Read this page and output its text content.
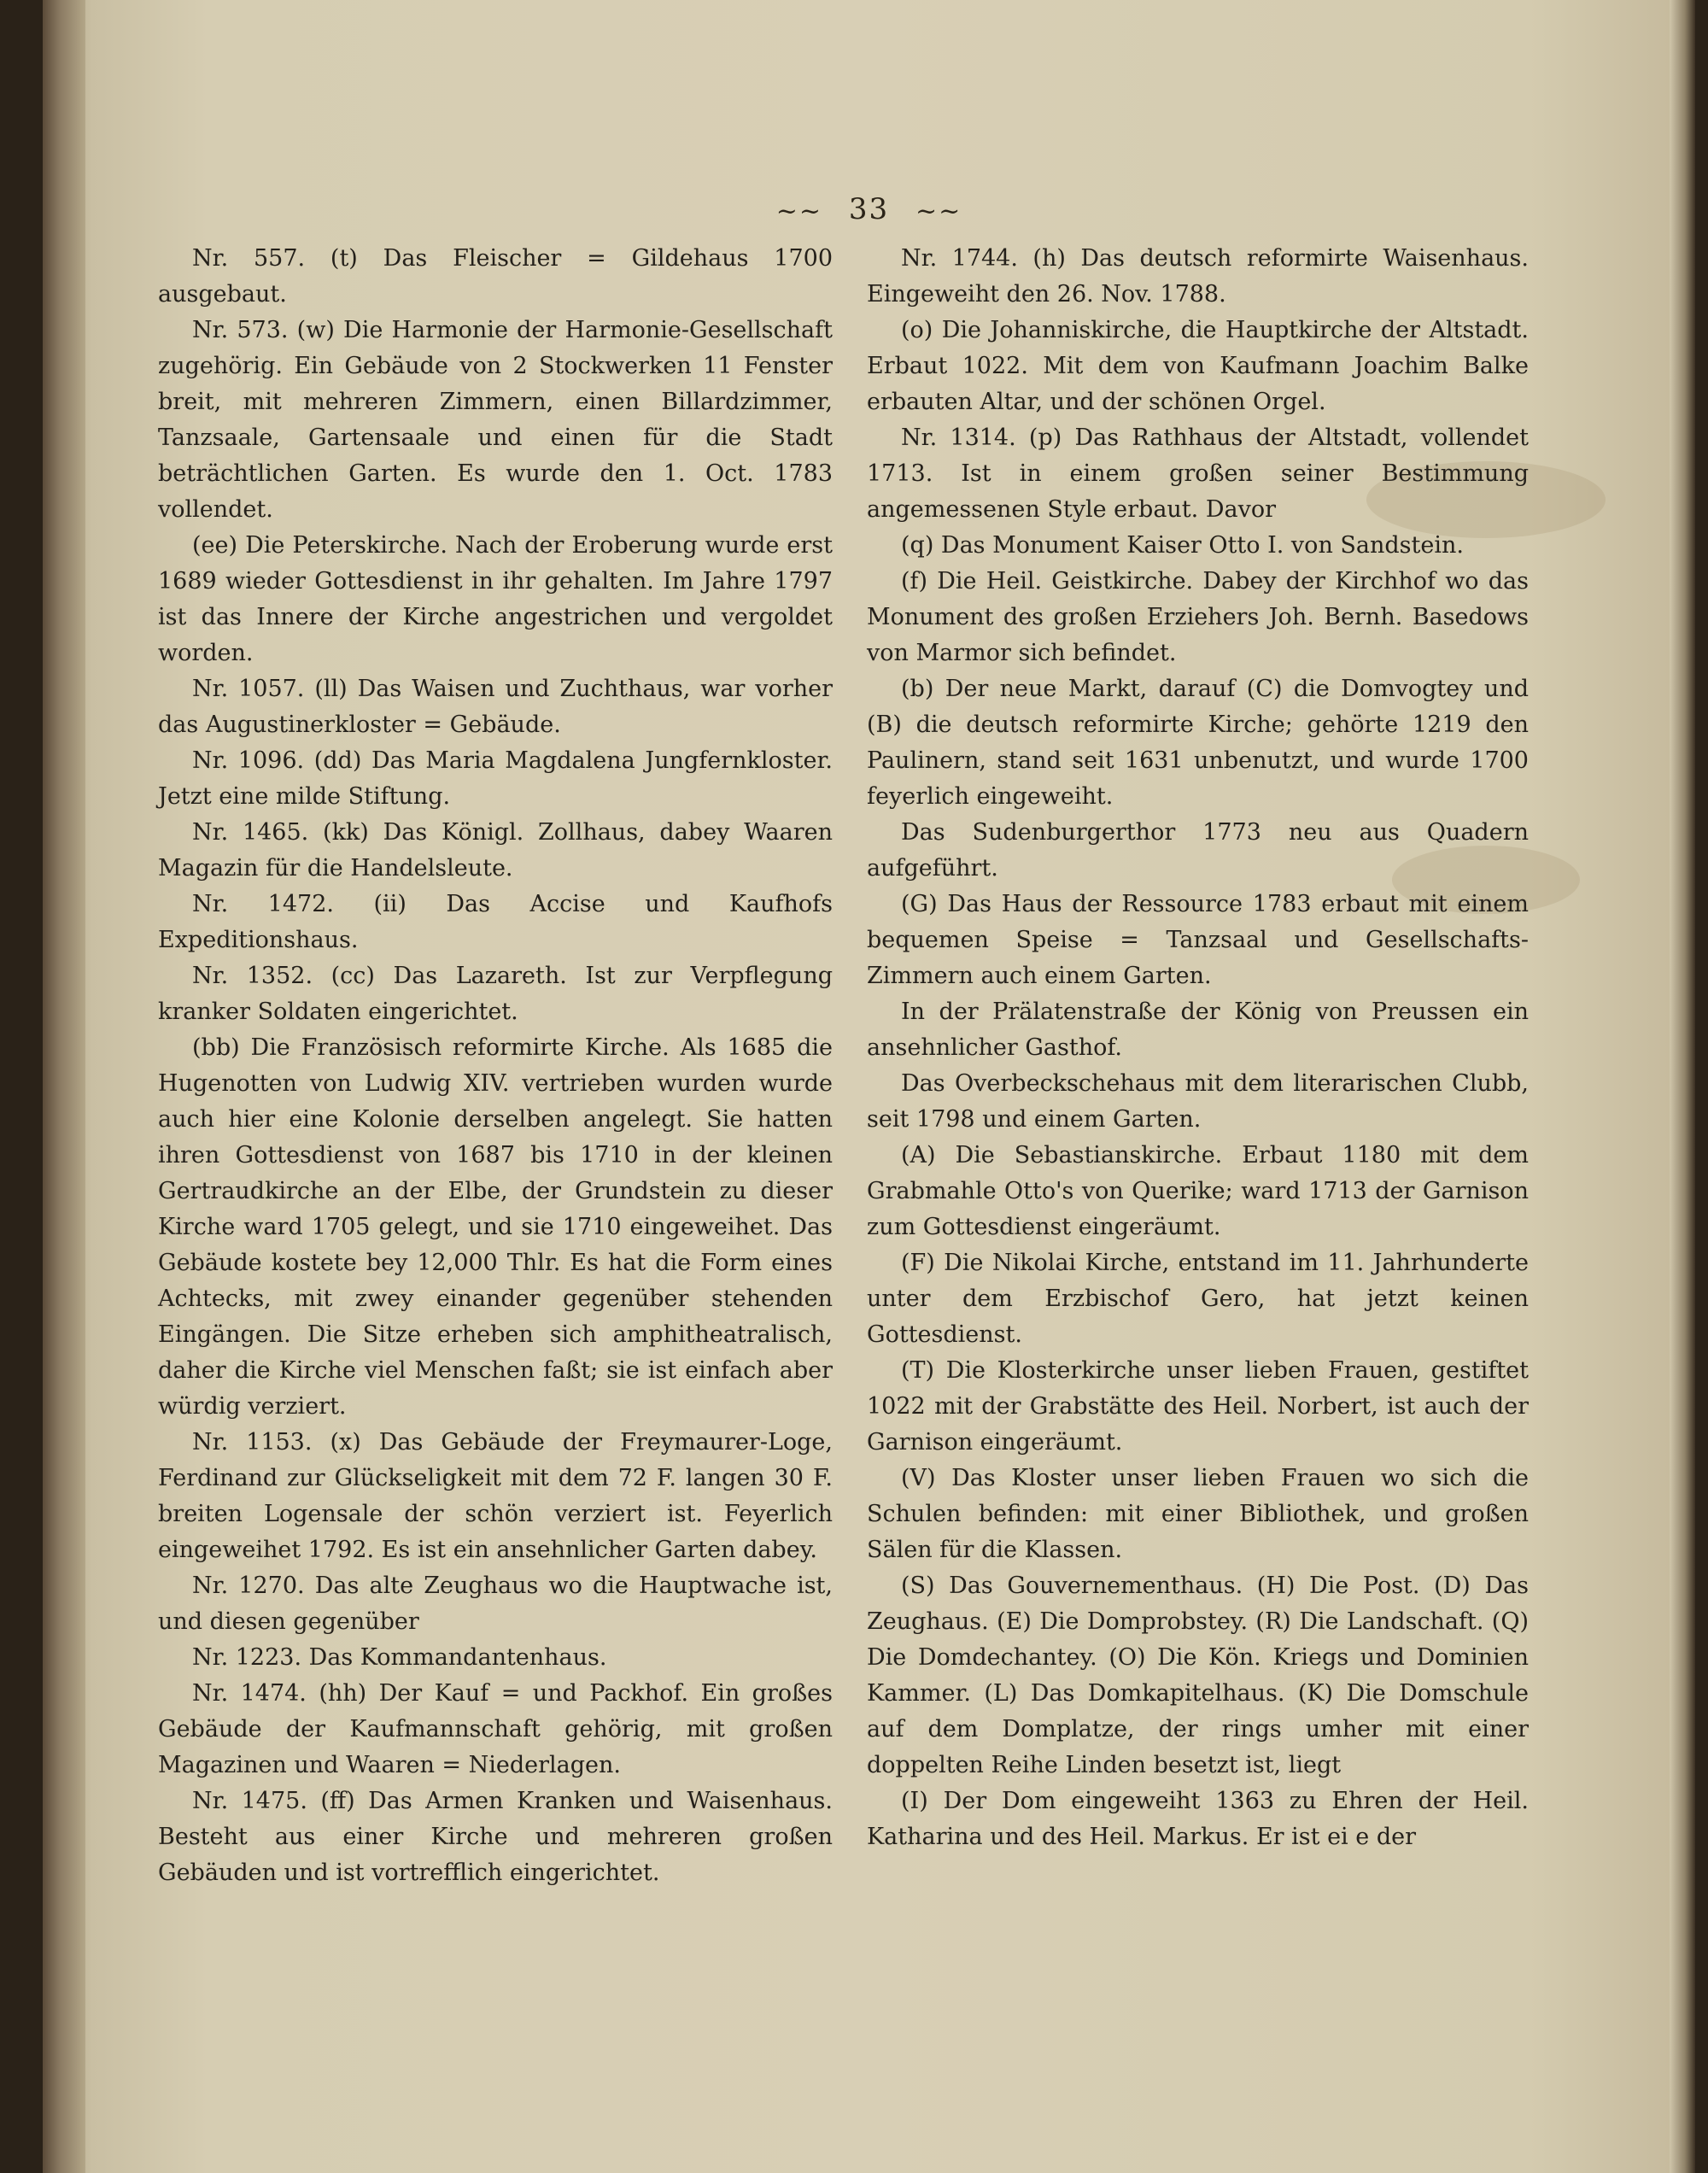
~~ 33 ~~

Nr. 557. (t) Das Fleischer = Gildehaus 1700 ausgebaut.

Nr. 573. (w) Die Harmonie der Harmonie-Gesellschaft zugehörig. Ein Gebäude von 2 Stockwerken 11 Fenster breit, mit mehreren Zimmern, einen Billardzimmer, Tanzsaale, Gartensaale und einen für die Stadt beträchtlichen Garten. Es wurde den 1. Oct. 1783 vollendet.

(ee) Die Peterskirche. Nach der Eroberung wurde erst 1689 wieder Gottesdienst in ihr gehalten. Im Jahre 1797 ist das Innere der Kirche angestrichen und vergoldet worden.

Nr. 1057. (ll) Das Waisen und Zuchthaus, war vorher das Augustinerkloster = Gebäude.

Nr. 1096. (dd) Das Maria Magdalena Jungfernkloster. Jetzt eine milde Stiftung.

Nr. 1465. (kk) Das Königl. Zollhaus, dabey Waaren Magazin für die Handelsleute.

Nr. 1472. (ii) Das Accise und Kaufhofs Expeditionshaus.

Nr. 1352. (cc) Das Lazareth. Ist zur Verpflegung kranker Soldaten eingerichtet.

(bb) Die Französisch reformirte Kirche. Als 1685 die Hugenotten von Ludwig XIV. vertrieben wurden wurde auch hier eine Kolonie derselben angelegt. Sie hatten ihren Gottesdienst von 1687 bis 1710 in der kleinen Gertraudkirche an der Elbe, der Grundstein zu dieser Kirche ward 1705 gelegt, und sie 1710 eingeweihet. Das Gebäude kostete bey 12,000 Thlr. Es hat die Form eines Achtecks, mit zwey einander gegenüber stehenden Eingängen. Die Sitze erheben sich amphitheatralisch, daher die Kirche viel Menschen faßt; sie ist einfach aber würdig verziert.

Nr. 1153. (x) Das Gebäude der Freymaurer-Loge, Ferdinand zur Glückseligkeit mit dem 72 F. langen 30 F. breiten Logensale der schön verziert ist. Feyerlich eingeweihet 1792. Es ist ein ansehnlicher Garten dabey.

Nr. 1270. Das alte Zeughaus wo die Hauptwache ist, und diesen gegenüber

Nr. 1223. Das Kommandantenhaus.

Nr. 1474. (hh) Der Kauf = und Packhof. Ein großes Gebäude der Kaufmannschaft gehörig, mit großen Magazinen und Waaren = Niederlagen.

Nr. 1475. (ff) Das Armen Kranken und Waisenhaus. Besteht aus einer Kirche und mehreren großen Gebäuden und ist vortrefflich eingerichtet.

Nr. 1744. (h) Das deutsch reformirte Waisenhaus. Eingeweiht den 26. Nov. 1788.

(o) Die Johanniskirche, die Hauptkirche der Altstadt. Erbaut 1022. Mit dem von Kaufmann Joachim Balke erbauten Altar, und der schönen Orgel.

Nr. 1314. (p) Das Rathhaus der Altstadt, vollendet 1713. Ist in einem großen seiner Bestimmung angemessenen Style erbaut. Davor

(q) Das Monument Kaiser Otto I. von Sandstein.

(f) Die Heil. Geistkirche. Dabey der Kirchhof wo das Monument des großen Erziehers Joh. Bernh. Basedows von Marmor sich befindet.

(b) Der neue Markt, darauf (C) die Domvogtey und (B) die deutsch reformirte Kirche; gehörte 1219 den Paulinern, stand seit 1631 unbenutzt, und wurde 1700 feyerlich eingeweiht.

Das Sudenburgerthor 1773 neu aus Quadern aufgeführt.

(G) Das Haus der Ressource 1783 erbaut mit einem bequemen Speise = Tanzsaal und Gesellschafts-Zimmern auch einem Garten.

In der Prälatenstraße der König von Preussen ein ansehnlicher Gasthof.

Das Overbeckschehaus mit dem literarischen Clubb, seit 1798 und einem Garten.

(A) Die Sebastianskirche. Erbaut 1180 mit dem Grabmahle Otto's von Querike; ward 1713 der Garnison zum Gottesdienst eingeräumt.

(F) Die Nikolai Kirche, entstand im 11. Jahrhunderte unter dem Erzbischof Gero, hat jetzt keinen Gottesdienst.

(T) Die Klosterkirche unser lieben Frauen, gestiftet 1022 mit der Grabstätte des Heil. Norbert, ist auch der Garnison eingeräumt.

(V) Das Kloster unser lieben Frauen wo sich die Schulen befinden: mit einer Bibliothek, und großen Sälen für die Klassen.

(S) Das Gouvernementhaus. (H) Die Post. (D) Das Zeughaus. (E) Die Domprobstey. (R) Die Landschaft. (Q) Die Domdechantey. (O) Die Kön. Kriegs und Dominien Kammer. (L) Das Domkapitelhaus. (K) Die Domschule auf dem Domplatze, der rings umher mit einer doppelten Reihe Linden besetzt ist, liegt

(I) Der Dom eingeweiht 1363 zu Ehren der Heil. Katharina und des Heil. Markus. Er ist ei e der
